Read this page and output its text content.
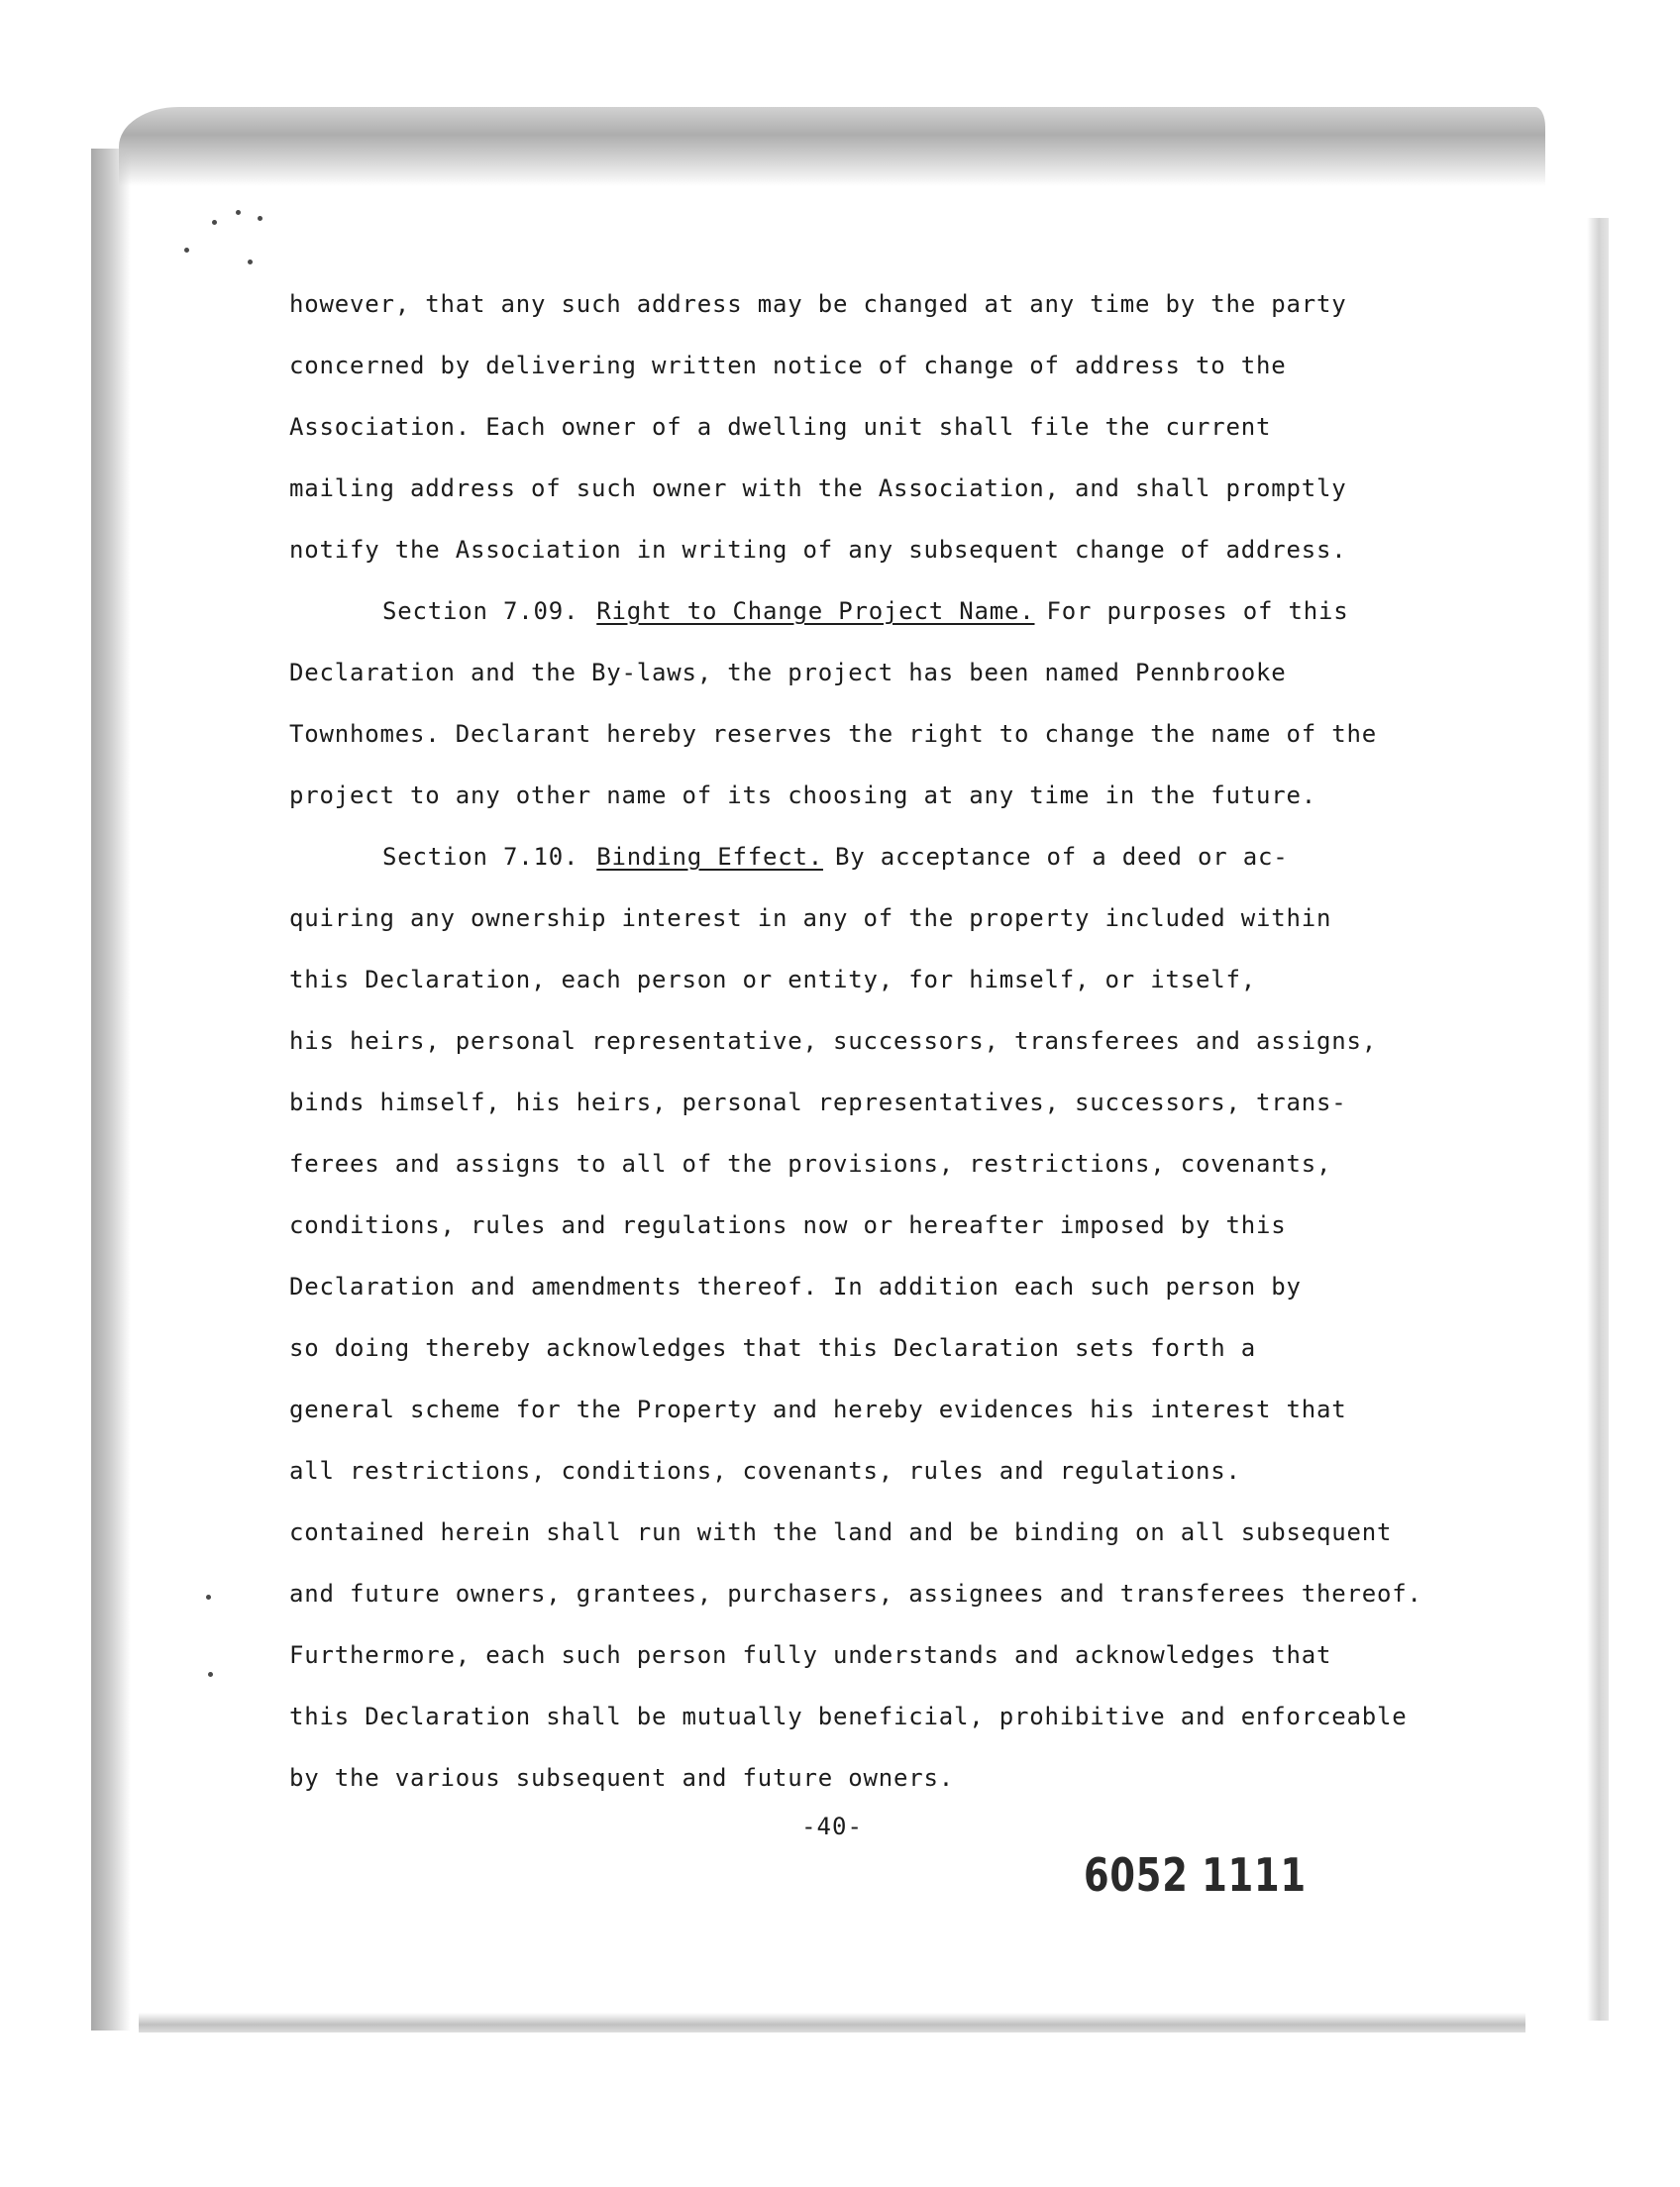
however, that any such address may be changed at any time by the party
concerned by delivering written notice of change of address to the
Association. Each owner of a dwelling unit shall file the current
mailing address of such owner with the Association, and shall promptly
notify the Association in writing of any subsequent change of address.
Section 7.09. Right to Change Project Name. For purposes of this
Declaration and the By-laws, the project has been named Pennbrooke
Townhomes. Declarant hereby reserves the right to change the name of the
project to any other name of its choosing at any time in the future.
Section 7.10. Binding Effect. By acceptance of a deed or ac-
quiring any ownership interest in any of the property included within
this Declaration, each person or entity, for himself, or itself,
his heirs, personal representative, successors, transferees and assigns,
binds himself, his heirs, personal representatives, successors, trans-
ferees and assigns to all of the provisions, restrictions, covenants,
conditions, rules and regulations now or hereafter imposed by this
Declaration and amendments thereof. In addition each such person by
so doing thereby acknowledges that this Declaration sets forth a
general scheme for the Property and hereby evidences his interest that
all restrictions, conditions, covenants, rules and regulations.
contained herein shall run with the land and be binding on all subsequent
and future owners, grantees, purchasers, assignees and transferees thereof.
Furthermore, each such person fully understands and acknowledges that
this Declaration shall be mutually beneficial, prohibitive and enforceable
by the various subsequent and future owners.
-40-
6052 1111
